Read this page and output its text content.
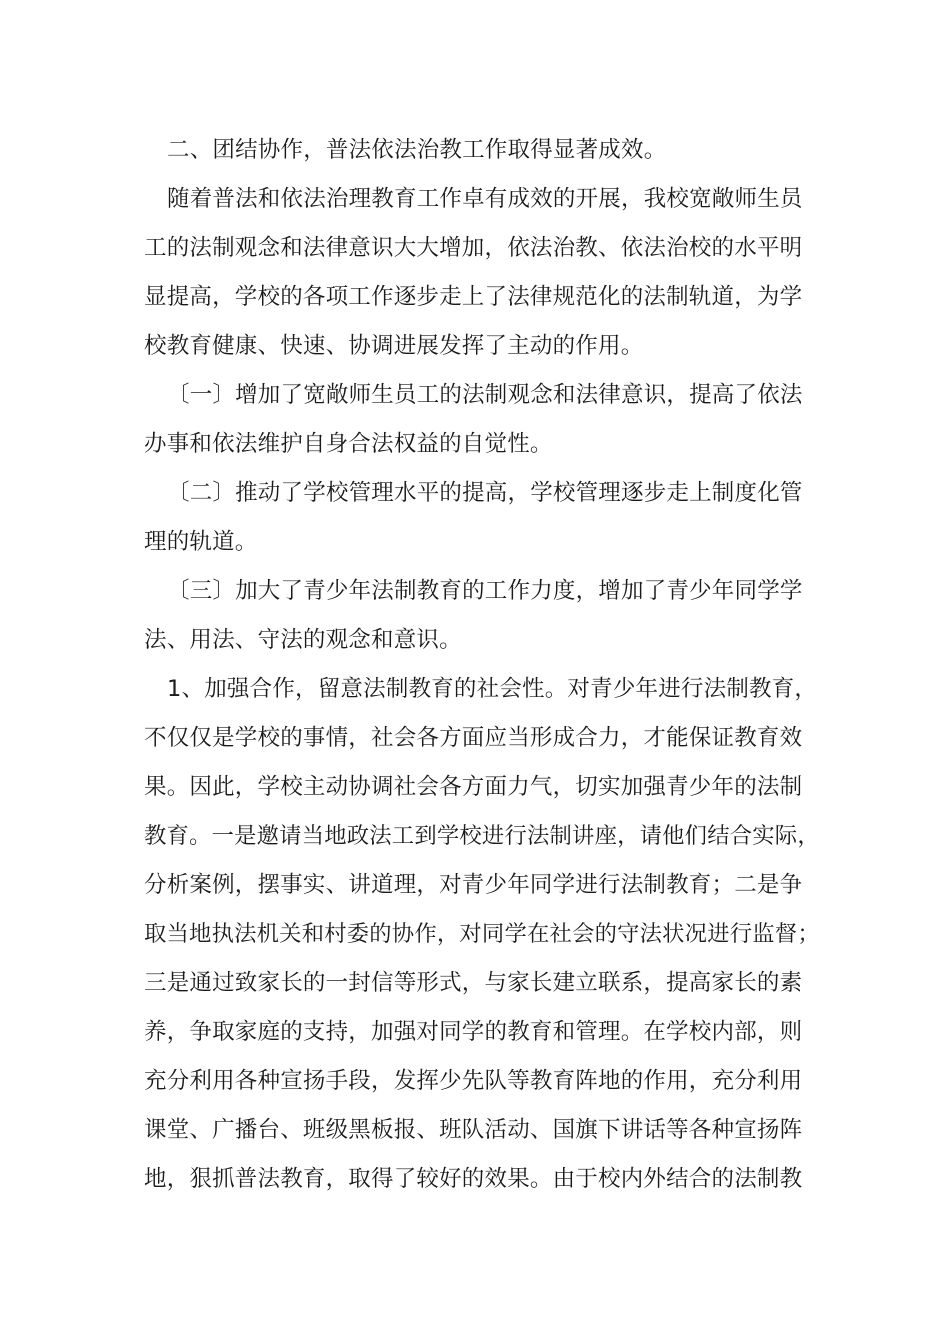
二、团结协作，普法依法治教工作取得显著成效。
随着普法和依法治理教育工作卓有成效的开展，我校宽敞师生员
工的法制观念和法律意识大大增加，依法治教、依法治校的水平明
显提高，学校的各项工作逐步走上了法律规范化的法制轨道，为学
校教育健康、快速、协调进展发挥了主动的作用。
〔一〕增加了宽敞师生员工的法制观念和法律意识，提高了依法
办事和依法维护自身合法权益的自觉性。
〔二〕推动了学校管理水平的提高，学校管理逐步走上制度化管
理的轨道。
〔三〕加大了青少年法制教育的工作力度，增加了青少年同学学
法、用法、守法的观念和意识。
1、加强合作，留意法制教育的社会性。对青少年进行法制教育，
不仅仅是学校的事情，社会各方面应当形成合力，才能保证教育效
果。因此，学校主动协调社会各方面力气，切实加强青少年的法制
教育。一是邀请当地政法工到学校进行法制讲座，请他们结合实际，
分析案例，摆事实、讲道理，对青少年同学进行法制教育；二是争
取当地执法机关和村委的协作，对同学在社会的守法状况进行监督；
三是通过致家长的一封信等形式，与家长建立联系，提高家长的素
养，争取家庭的支持，加强对同学的教育和管理。在学校内部，则
充分利用各种宣扬手段，发挥少先队等教育阵地的作用，充分利用
课堂、广播台、班级黑板报、班队活动、国旗下讲话等各种宣扬阵
地，狠抓普法教育，取得了较好的效果。由于校内外结合的法制教
